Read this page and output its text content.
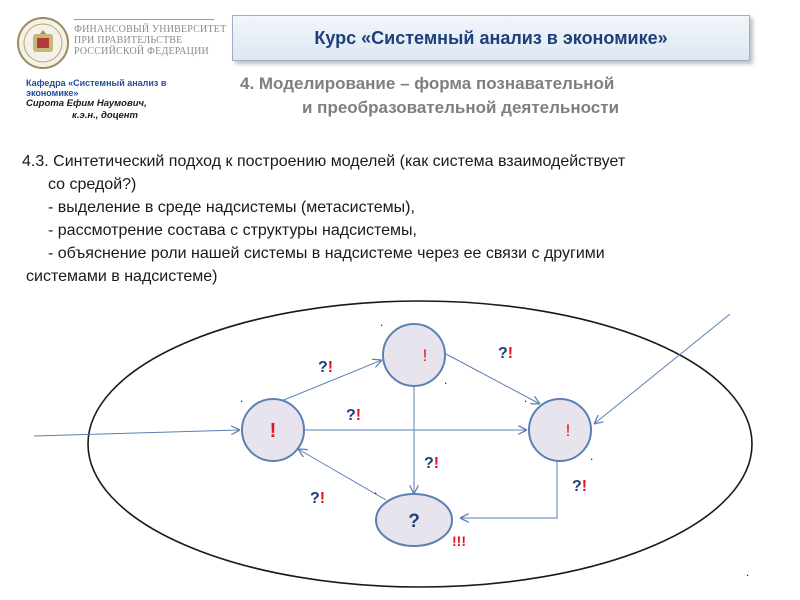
ФИНАНСОВЫЙ УНИВЕРСИТЕТ
ПРИ ПРАВИТЕЛЬСТВЕ
РОССИЙСКОЙ ФЕДЕРАЦИИ
Курс «Системный анализ в экономике»
Кафедра «Системный анализ в экономике»
Сирота Ефим Наумович,
к.э.н., доцент
4. Моделирование – форма познавательной
и преобразовательной деятельности
4.3. Синтетический подход к построению моделей (как система взаимодействует
со средой?)
- выделение в среде надсистемы (метасистемы),
- рассмотрение состава с структуры надсистемы,
- объяснение роли нашей системы в надсистеме через ее связи с другими
системами в надсистеме)
!
!
!
?
?!
?!
?!
?!
?!
?!
!!!
.
.
.	.
.
.
.
